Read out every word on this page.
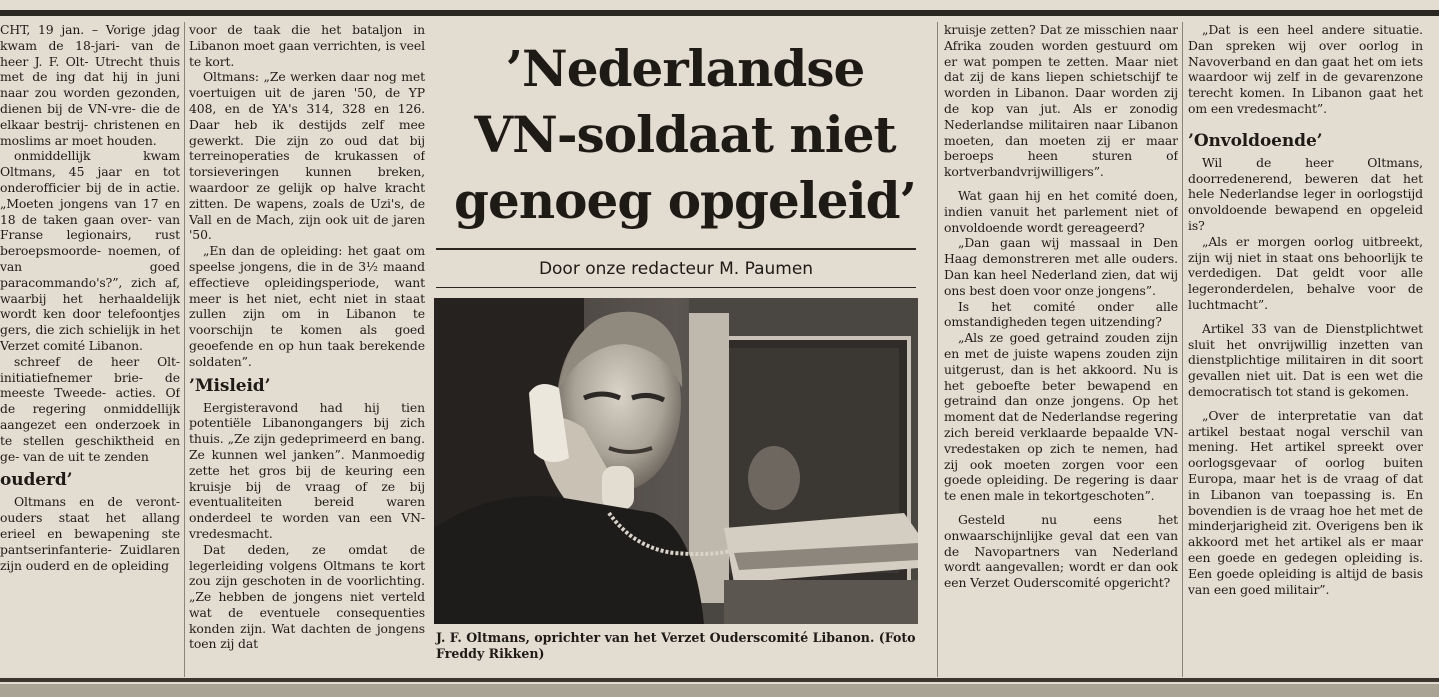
CHT, 19 jan. – Vorige jdag kwam de 18-jari- van de heer J. F. Olt- Utrecht thuis met de ing dat hij in juni naar zou worden gezonden, dienen bij de VN-vre- die de elkaar bestrij- christenen en moslims ar moet houden.

onmiddellijk kwam Oltmans, 45 jaar en tot onderofficier bij de in actie. „Moeten jongens van 17 en 18 de taken gaan over- van Franse legionairs, rust beroepsmoorde- noemen, of van goed paracommando's?”, zich af, waarbij het herhaaldelijk wordt ken door telefoontjes gers, die zich schielijk in het Verzet comité Libanon.

schreef de heer Olt- initiatiefnemer brie- de meeste Tweede- acties. Of de regering onmiddellijk aangezet een onderzoek in te stellen geschiktheid en ge- van de uit te zenden

ouderd’

Oltmans en de veront- ouders staat het allang erieel en bewapening ste pantserinfanterie- Zuidlaren zijn ouderd en de opleiding

voor de taak die het bataljon in Libanon moet gaan verrichten, is veel te kort.

Oltmans: „Ze werken daar nog met voertuigen uit de jaren '50, de YP 408, en de YA's 314, 328 en 126. Daar heb ik destijds zelf mee gewerkt. Die zijn zo oud dat bij terreinoperaties de krukassen of torsieveringen kunnen breken, waardoor ze gelijk op halve kracht zitten. De wapens, zoals de Uzi's, de Vall en de Mach, zijn ook uit de jaren '50.

„En dan de opleiding: het gaat om speelse jongens, die in de 3½ maand effectieve opleidingsperiode, want meer is het niet, echt niet in staat zullen zijn om in Libanon te voorschijn te komen als goed geoefende en op hun taak berekende soldaten”.

’Misleid’

Eergisteravond had hij tien potentiële Libanongangers bij zich thuis. „Ze zijn gedeprimeerd en bang. Ze kunnen wel janken”. Manmoedig zette het gros bij de keuring een kruisje bij de vraag of ze bij eventualiteiten bereid waren onderdeel te worden van een VN-vredesmacht.

Dat deden, ze omdat de legerleiding volgens Oltmans te kort zou zijn geschoten in de voorlichting. „Ze hebben de jongens niet verteld wat de eventuele consequenties konden zijn. Wat dachten de jongens toen zij dat

’Nederlandse
VN-soldaat niet
genoeg opgeleid’
Door onze redacteur M. Paumen
J. F. Oltmans, oprichter van het Verzet Ouderscomité Libanon. (Foto Freddy Rikken)

kruisje zetten? Dat ze misschien naar Afrika zouden worden gestuurd om er wat pompen te zetten. Maar niet dat zij de kans liepen schietschijf te worden in Libanon. Daar worden zij de kop van jut. Als er zonodig Nederlandse militairen naar Libanon moeten, dan moeten zij er maar beroeps heen sturen of kortverbandvrijwilligers”.

Wat gaan hij en het comité doen, indien vanuit het parlement niet of onvoldoende wordt gereageerd?

„Dan gaan wij massaal in Den Haag demonstreren met alle ouders. Dan kan heel Nederland zien, dat wij ons best doen voor onze jongens”.

Is het comité onder alle omstandigheden tegen uitzending?

„Als ze goed getraind zouden zijn en met de juiste wapens zouden zijn uitgerust, dan is het akkoord. Nu is het geboefte beter bewapend en getraind dan onze jongens. Op het moment dat de Nederlandse regering zich bereid verklaarde bepaalde VN-vredestaken op zich te nemen, had zij ook moeten zorgen voor een goede opleiding. De regering is daar te enen male in tekortgeschoten”.

Gesteld nu eens het onwaarschijnlijke geval dat een van de Navopartners van Nederland wordt aangevallen; wordt er dan ook een Verzet Ouderscomité opgericht?

„Dat is een heel andere situatie. Dan spreken wij over oorlog in Navoverband en dan gaat het om iets waardoor wij zelf in de gevarenzone terecht komen. In Libanon gaat het om een vredesmacht”.

’Onvoldoende’

Wil de heer Oltmans, doorredenerend, beweren dat het hele Nederlandse leger in oorlogstijd onvoldoende bewapend en opgeleid is?

„Als er morgen oorlog uitbreekt, zijn wij niet in staat ons behoorlijk te verdedigen. Dat geldt voor alle legeronderdelen, behalve voor de luchtmacht”.

Artikel 33 van de Dienstplichtwet sluit het onvrijwillig inzetten van dienstplichtige militairen in dit soort gevallen niet uit. Dat is een wet die democratisch tot stand is gekomen.

„Over de interpretatie van dat artikel bestaat nogal verschil van mening. Het artikel spreekt over oorlogsgevaar of oorlog buiten Europa, maar het is de vraag of dat in Libanon van toepassing is. En bovendien is de vraag hoe het met de minderjarigheid zit. Overigens ben ik akkoord met het artikel als er maar een goede en gedegen opleiding is. Een goede opleiding is altijd de basis van een goed militair”.
